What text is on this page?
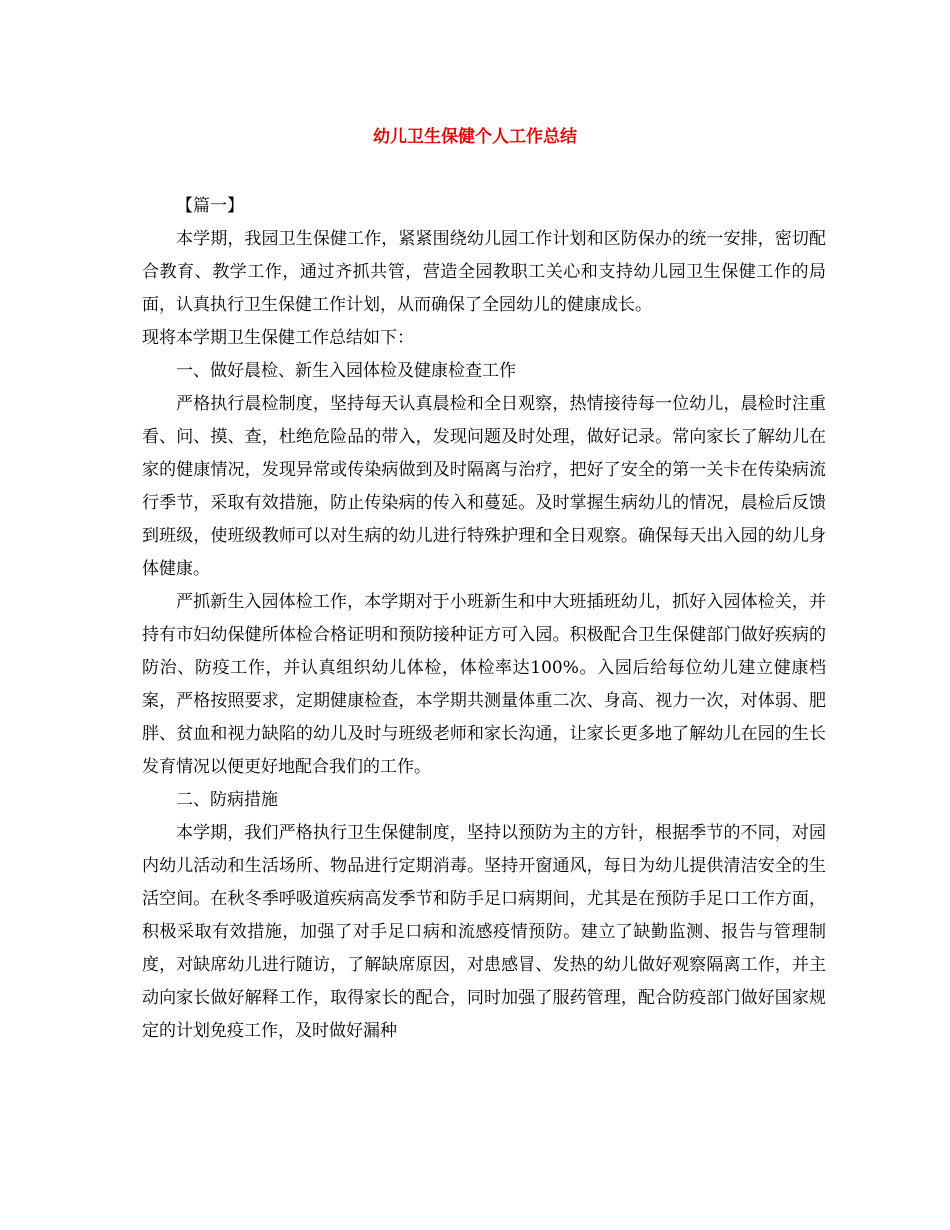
幼儿卫生保健个人工作总结

【篇一】

本学期，我园卫生保健工作，紧紧围绕幼儿园工作计划和区防保办的统一安排，密切配合教育、教学工作，通过齐抓共管，营造全园教职工关心和支持幼儿园卫生保健工作的局面，认真执行卫生保健工作计划，从而确保了全园幼儿的健康成长。

现将本学期卫生保健工作总结如下：

一、做好晨检、新生入园体检及健康检查工作

严格执行晨检制度，坚持每天认真晨检和全日观察，热情接待每一位幼儿，晨检时注重看、问、摸、查，杜绝危险品的带入，发现问题及时处理，做好记录。常向家长了解幼儿在家的健康情况，发现异常或传染病做到及时隔离与治疗，把好了安全的第一关卡在传染病流行季节，采取有效措施，防止传染病的传入和蔓延。及时掌握生病幼儿的情况，晨检后反馈到班级，使班级教师可以对生病的幼儿进行特殊护理和全日观察。确保每天出入园的幼儿身体健康。

严抓新生入园体检工作，本学期对于小班新生和中大班插班幼儿，抓好入园体检关，并持有市妇幼保健所体检合格证明和预防接种证方可入园。积极配合卫生保健部门做好疾病的防治、防疫工作，并认真组织幼儿体检，体检率达100%。入园后给每位幼儿建立健康档案，严格按照要求，定期健康检查，本学期共测量体重二次、身高、视力一次，对体弱、肥胖、贫血和视力缺陷的幼儿及时与班级老师和家长沟通，让家长更多地了解幼儿在园的生长发育情况以便更好地配合我们的工作。

二、防病措施

本学期，我们严格执行卫生保健制度，坚持以预防为主的方针，根据季节的不同，对园内幼儿活动和生活场所、物品进行定期消毒。坚持开窗通风，每日为幼儿提供清洁安全的生活空间。在秋冬季呼吸道疾病高发季节和防手足口病期间，尤其是在预防手足口工作方面，积极采取有效措施，加强了对手足口病和流感疫情预防。建立了缺勤监测、报告与管理制度，对缺席幼儿进行随访，了解缺席原因，对患感冒、发热的幼儿做好观察隔离工作，并主动向家长做好解释工作，取得家长的配合，同时加强了服药管理，配合防疫部门做好国家规定的计划免疫工作，及时做好漏种
